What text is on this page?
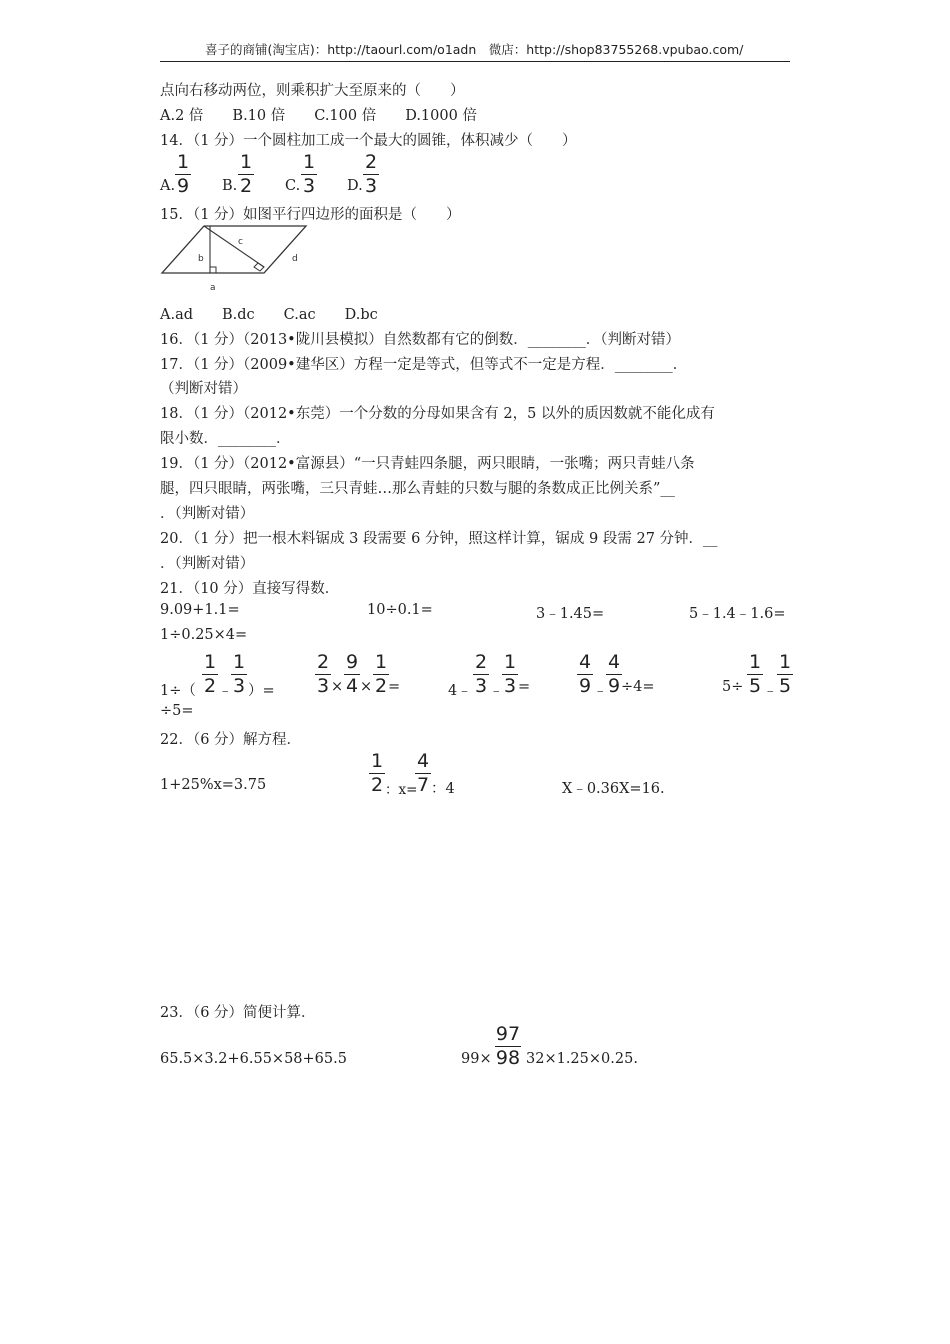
喜子的商铺(淘宝店)：http://taourl.com/o1adn　微店：http://shop83755268.vpubao.com/
点向右移动两位，则乘积扩大至原来的（　　）
A.2 倍　　B.10 倍　　C.100 倍　　D.1000 倍
14．（1 分）一个圆柱加工成一个最大的圆锥，体积减少（　　）
A. $\frac{1}{9} B$. $\frac{1}{2} C$. $\frac{1}{3} D$. $\frac{2}{3}$
15．（1 分）如图平行四边形的面积是（　　）
b
c
d
a
A.ad　　B.dc　　C.ac　　D.bc
16．（1 分）（2013•陇川县模拟）自然数都有它的倒数．________．（判断对错）
17．（1 分）（2009•建华区）方程一定是等式，但等式不一定是方程．________．
（判断对错）
18．（1 分）（2012•东莞）一个分数的分母如果含有 2，5 以外的质因数就不能化成有
限小数．________．
19．（1 分）（2012•富源县）“一只青蛙四条腿，两只眼睛，一张嘴；两只青蛙八条
腿，四只眼睛，两张嘴，三只青蛙…那么青蛙的只数与腿的条数成正比例关系”__
．（判断对错）
20．（1 分）把一根木料锯成 3 段需要 6 分钟，照这样计算，锯成 9 段需 27 分钟．__
．（判断对错）
21．（10 分）直接写得数．
9.09+1.1=	10÷0.1=	3﹣1.45=	5﹣1.4﹣1.6=
1÷0.25×4=
$1\div( \frac{1}{2}$ ﹣
$\frac{1}{3}$ ）= $\frac{2}{3} \times \frac{9}{4} \times \frac{1}{2}$ =	4﹣ $\frac{2}{3}$ ﹣
$\frac{1}{3} = \frac{4}{9}$ ﹣
$\frac{4}{9} \div 4=$	$5\div \frac{1}{5}$ ﹣ $\frac{1}{5}$
÷5=
22．（6 分）解方程．
1+25%x=3.75	$\frac{1}{2}$ ：x=
$\frac{4}{7}$ ：4	X﹣0.36X=16.
23．（6 分）简便计算．
65.5×3.2+6.55×58+65.5	$99\times \frac{97}{98} 32\times 1.25\times 0.25$.
